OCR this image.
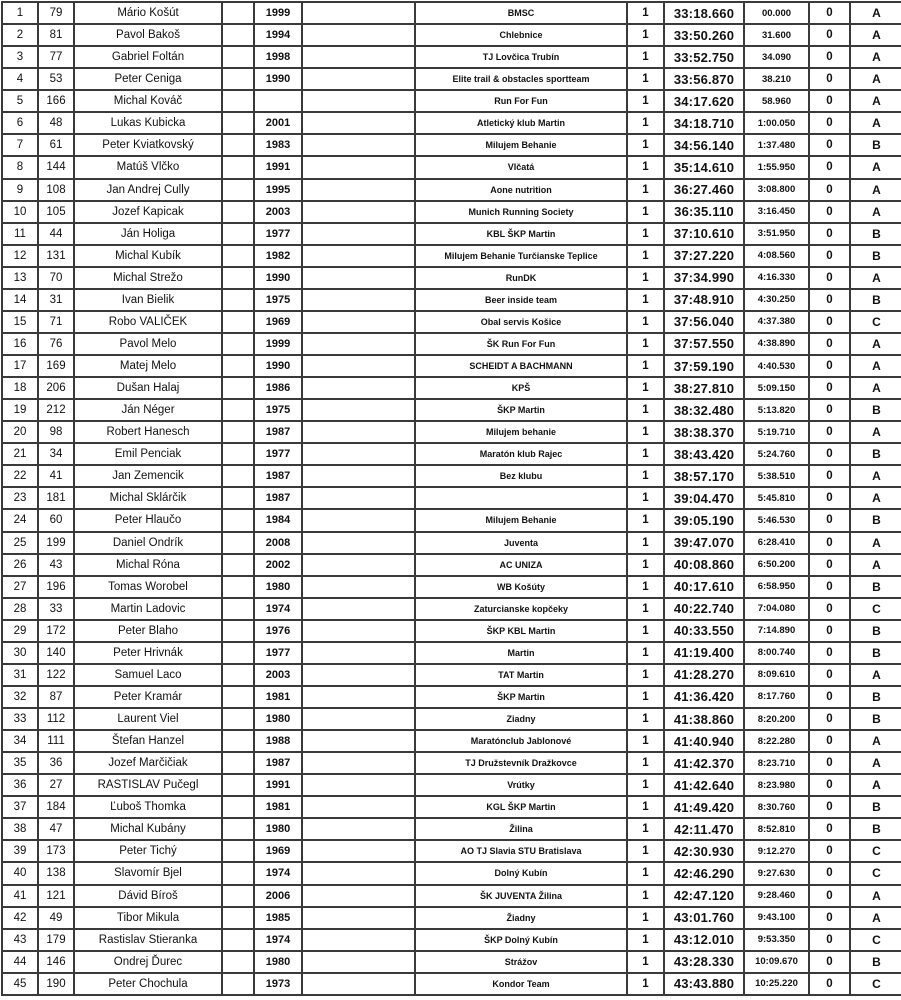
1	79	Mário Košút		1999		BMSC	1	33:18.660	00.000	0	A
2	81	Pavol Bakoš		1994		Chlebnice	1	33:50.260	31.600	0	A
3	77	Gabriel Foltán		1998		TJ Lovčica Trubín	1	33:52.750	34.090	0	A
4	53	Peter Ceniga		1990		Elite trail & obstacles sportteam	1	33:56.870	38.210	0	A
5	166	Michal Kováč				Run For Fun	1	34:17.620	58.960	0	A
6	48	Lukas Kubicka		2001		Atletický klub Martin	1	34:18.710	1:00.050	0	A
7	61	Peter Kviatkovský		1983		Milujem Behanie	1	34:56.140	1:37.480	0	B
8	144	Matúš Vlčko		1991		Vlčatá	1	35:14.610	1:55.950	0	A
9	108	Jan Andrej Cully		1995		Aone nutrition	1	36:27.460	3:08.800	0	A
10	105	Jozef Kapicak		2003		Munich Running Society	1	36:35.110	3:16.450	0	A
11	44	Ján Holiga		1977		KBL ŠKP Martin	1	37:10.610	3:51.950	0	B
12	131	Michal Kubík		1982		Milujem Behanie Turčianske Teplice	1	37:27.220	4:08.560	0	B
13	70	Michal Strežo		1990		RunDK	1	37:34.990	4:16.330	0	A
14	31	Ivan Bielik		1975		Beer inside team	1	37:48.910	4:30.250	0	B
15	71	Robo VALIČEK		1969		Obal servis Košice	1	37:56.040	4:37.380	0	C
16	76	Pavol Melo		1999		ŠK Run For Fun	1	37:57.550	4:38.890	0	A
17	169	Matej Melo		1990		SCHEIDT A BACHMANN	1	37:59.190	4:40.530	0	A
18	206	Dušan Halaj		1986		KPŠ	1	38:27.810	5:09.150	0	A
19	212	Ján Néger		1975		ŠKP Martin	1	38:32.480	5:13.820	0	B
20	98	Robert Hanesch		1987		Milujem behanie	1	38:38.370	5:19.710	0	A
21	34	Emil Penciak		1977		Maratón klub Rajec	1	38:43.420	5:24.760	0	B
22	41	Jan Zemencik		1987		Bez klubu	1	38:57.170	5:38.510	0	A
23	181	Michal Sklárčik		1987			1	39:04.470	5:45.810	0	A
24	60	Peter Hlaučo		1984		Milujem Behanie	1	39:05.190	5:46.530	0	B
25	199	Daniel Ondrík		2008		Juventa	1	39:47.070	6:28.410	0	A
26	43	Michal Róna		2002		AC UNIZA	1	40:08.860	6:50.200	0	A
27	196	Tomas Worobel		1980		WB Košúty	1	40:17.610	6:58.950	0	B
28	33	Martin Ladovic		1974		Zaturcianske kopčeky	1	40:22.740	7:04.080	0	C
29	172	Peter Blaho		1976		ŠKP KBL Martin	1	40:33.550	7:14.890	0	B
30	140	Peter Hrivnák		1977		Martin	1	41:19.400	8:00.740	0	B
31	122	Samuel Laco		2003		TAT Martin	1	41:28.270	8:09.610	0	A
32	87	Peter Kramár		1981		ŠKP Martin	1	41:36.420	8:17.760	0	B
33	112	Laurent Viel		1980		Ziadny	1	41:38.860	8:20.200	0	B
34	111	Štefan Hanzel		1988		Maratónclub Jablonové	1	41:40.940	8:22.280	0	A
35	36	Jozef Marčičiak		1987		TJ Družstevník Dražkovce	1	41:42.370	8:23.710	0	A
36	27	RASTISLAV Pučegl		1991		Vrútky	1	41:42.640	8:23.980	0	A
37	184	Ľuboš Thomka		1981		KGL ŠKP Martin	1	41:49.420	8:30.760	0	B
38	47	Michal Kubány		1980		Žilina	1	42:11.470	8:52.810	0	B
39	173	Peter Tichý		1969		AO TJ Slavia STU Bratislava	1	42:30.930	9:12.270	0	C
40	138	Slavomír Bjel		1974		Dolný Kubín	1	42:46.290	9:27.630	0	C
41	121	Dávid Bíroš		2006		ŠK JUVENTA Žilina	1	42:47.120	9:28.460	0	A
42	49	Tibor Mikula		1985		Žiadny	1	43:01.760	9:43.100	0	A
43	179	Rastislav Stieranka		1974		ŠKP Dolný Kubín	1	43:12.010	9:53.350	0	C
44	146	Ondrej Ďurec		1980		Strážov	1	43:28.330	10:09.670	0	B
45	190	Peter Chochula		1973		Kondor Team	1	43:43.880	10:25.220	0	C
